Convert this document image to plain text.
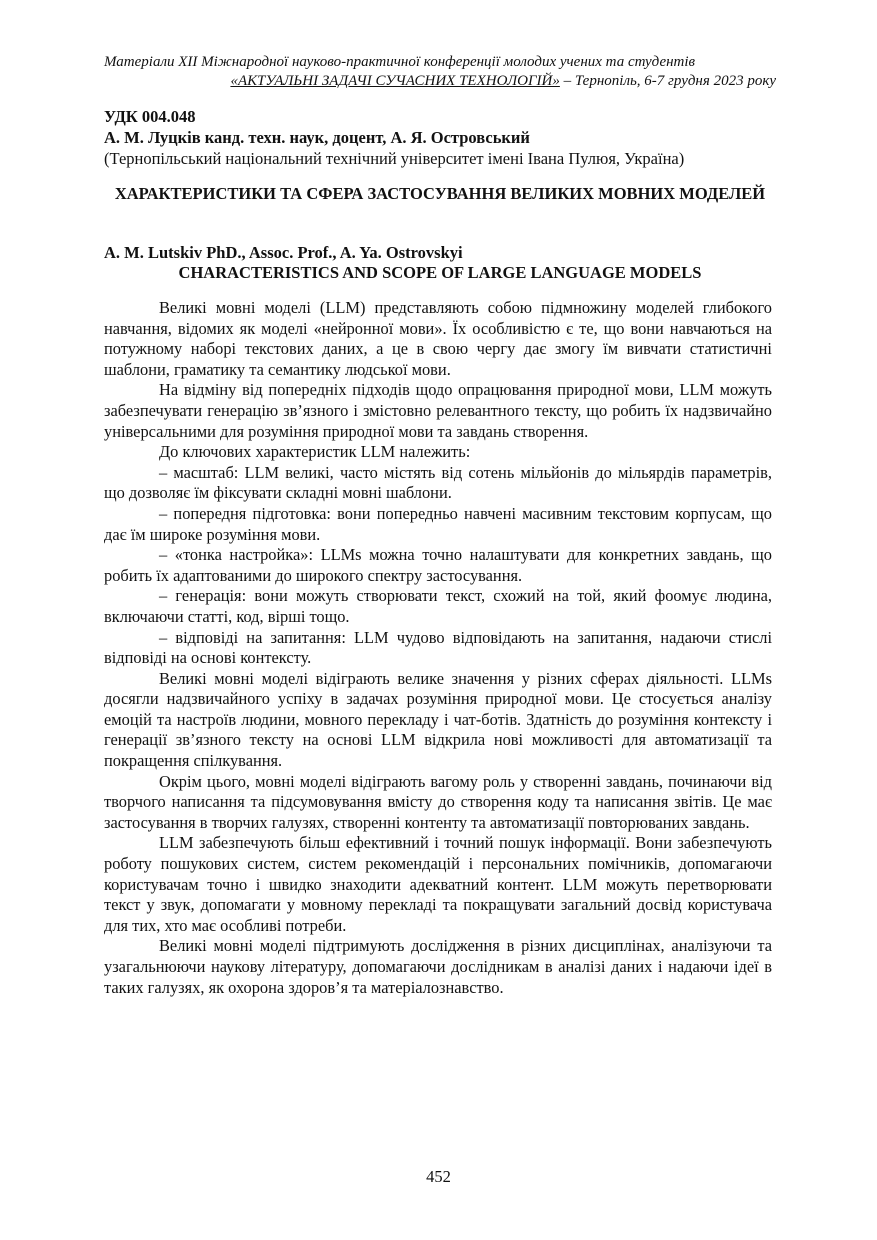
Матеріали XII Міжнародної науково-практичної конференції молодих учених та студентів
«АКТУАЛЬНІ ЗАДАЧІ СУЧАСНИХ ТЕХНОЛОГІЙ» – Тернопіль, 6-7 грудня 2023 року
УДК 004.048
А. М. Луцків канд. техн. наук, доцент, А. Я. Островський
(Тернопільський національний технічний університет імені Івана Пулюя, Україна)
ХАРАКТЕРИСТИКИ ТА СФЕРА ЗАСТОСУВАННЯ ВЕЛИКИХ МОВНИХ МОДЕЛЕЙ
A. M. Lutskiv PhD., Assoc. Prof., A. Ya. Ostrovskyi
CHARACTERISTICS AND SCOPE OF LARGE LANGUAGE MODELS

Великі мовні моделі (LLM) представляють собою підмножину моделей глибокого навчання, відомих як моделі «нейронної мови». Їх особливістю є те, що вони навчаються на потужному наборі текстових даних, а це в свою чергу дає змогу їм вивчати статистичні шаблони, граматику та семантику людської мови.

На відміну від попередніх підходів щодо опрацювання природної мови, LLM можуть забезпечувати генерацію зв’язного і змістовно релевантного тексту, що робить їх надзвичайно універсальними для розуміння природної мови та завдань створення.

До ключових характеристик LLM належить:

– масштаб: LLM великі, часто містять від сотень мільйонів до мільярдів параметрів, що дозволяє їм фіксувати складні мовні шаблони.

– попередня підготовка: вони попередньо навчені масивним текстовим корпусам, що дає їм широке розуміння мови.

– «тонка настройка»: LLMs можна точно налаштувати для конкретних завдань, що робить їх адаптованими до широкого спектру застосування.

– генерація: вони можуть створювати текст, схожий на той, який фоомує людина, включаючи статті, код, вірші тощо.

– відповіді на запитання: LLM чудово відповідають на запитання, надаючи стислі відповіді на основі контексту.

Великі мовні моделі відіграють велике значення у різних сферах діяльності. LLMs досягли надзвичайного успіху в задачах розуміння природної мови. Це стосується аналізу емоцій та настроїв людини, мовного перекладу і чат-ботів. Здатність до розуміння контексту і генерації зв’язного тексту на основі LLM відкрила нові можливості для автоматизації та покращення спілкування.

Окрім цього, мовні моделі відіграють вагому роль у створенні завдань, починаючи від творчого написання та підсумовування вмісту до створення коду та написання звітів. Це має застосування в творчих галузях, створенні контенту та автоматизації повторюваних завдань.

LLM забезпечують більш ефективний і точний пошук інформації. Вони забезпечують роботу пошукових систем, систем рекомендацій і персональних помічників, допомагаючи користувачам точно і швидко знаходити адекватний контент. LLM можуть перетворювати текст у звук, допомагати у мовному перекладі та покращувати загальний досвід користувача для тих, хто має особливі потреби.

Великі мовні моделі підтримують дослідження в різних дисциплінах, аналізуючи та узагальнюючи наукову літературу, допомагаючи дослідникам в аналізі даних і надаючи ідеї в таких галузях, як охорона здоров’я та матеріалознавство.

452
